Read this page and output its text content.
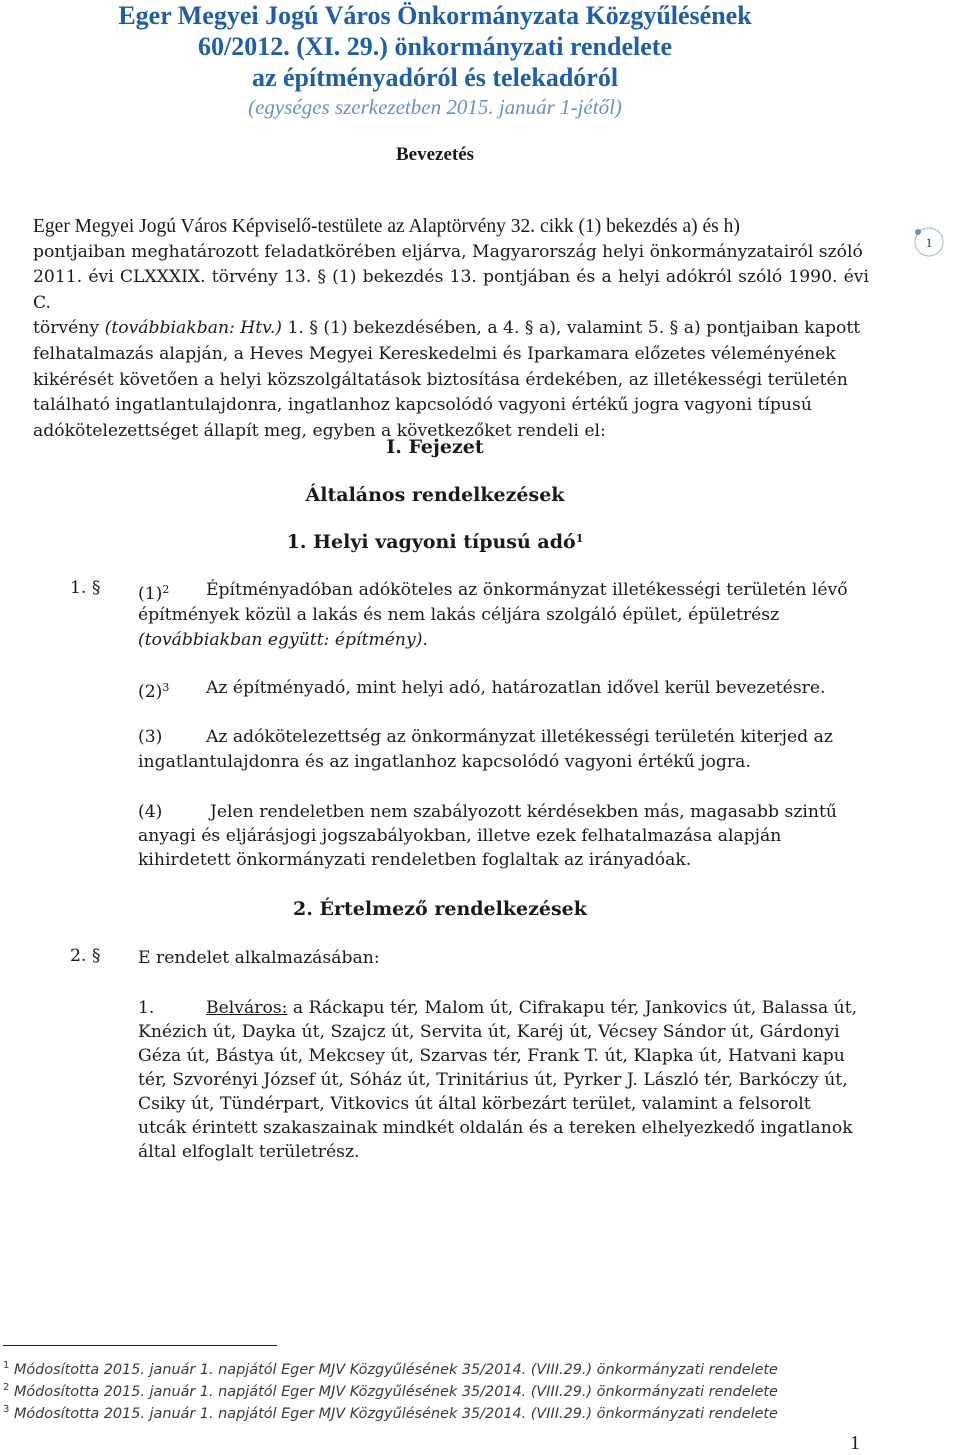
Eger Megyei Jogú Város Önkormányzata Közgyűlésének
60/2012. (XI. 29.) önkormányzati rendelete
az építményadóról és telekadóról
(egységes szerkezetben 2015. január 1-jétől)
Bevezetés
1
Eger Megyei Jogú Város Képviselő-testülete az Alaptörvény 32. cikk (1) bekezdés a) és h)
pontjaiban meghatározott feladatkörében eljárva, Magyarország helyi önkormányzatairól szóló
2011. évi CLXXXIX. törvény 13. § (1) bekezdés 13. pontjában és a helyi adókról szóló 1990. évi C.
törvény (továbbiakban: Htv.) 1. § (1) bekezdésében, a 4. § a), valamint 5. § a) pontjaiban kapott
felhatalmazás alapján, a Heves Megyei Kereskedelmi és Iparkamara előzetes véleményének
kikérését követően a helyi közszolgáltatások biztosítása érdekében, az illetékességi területén
található ingatlantulajdonra, ingatlanhoz kapcsolódó vagyoni értékű jogra vagyoni típusú
adókötelezettséget állapít meg, egyben a következőket rendeli el:
I. Fejezet
Általános rendelkezések
1. Helyi vagyoni típusú adó$^1$
1. § $(1)^2$ Építményadóban adóköteles az önkormányzat illetékességi területén lévő
építmények közül a lakás és nem lakás céljára szolgáló épület, épületrész
(továbbiakban együtt: építmény).
$(2)^3$ Az építményadó, mint helyi adó, határozatlan idővel kerül bevezetésre.
(3)	Az adókötelezettség az önkormányzat illetékességi területén kiterjed az
ingatlantulajdonra és az ingatlanhoz kapcsolódó vagyoni értékű jogra.
(4)	Jelen rendeletben nem szabályozott kérdésekben más, magasabb szintű
anyagi és eljárásjogi jogszabályokban, illetve ezek felhatalmazása alapján
kihirdetett önkormányzati rendeletben foglaltak az irányadóak.
2. Értelmező rendelkezések
2. § E rendelet alkalmazásában:
1.	Belváros: a Ráckapu tér, Malom út, Cifrakapu tér, Jankovics út, Balassa út,
Knézich út, Dayka út, Szajcz út, Servita út, Karéj út, Vécsey Sándor út, Gárdonyi
Géza út, Bástya út, Mekcsey út, Szarvas tér, Frank T. út, Klapka út, Hatvani kapu
tér, Szvorényi József út, Sóház út, Trinitárius út, Pyrker J. László tér, Barkóczy út,
Csiky út, Tündérpart, Vitkovics út által körbezárt terület, valamint a felsorolt
utcák érintett szakaszainak mindkét oldalán és a tereken elhelyezkedő ingatlanok
által elfoglalt területrész.
$^1$ Módosította 2015. január 1. napjától Eger MJV Közgyűlésének 35/2014. (VIII.29.) önkormányzati rendelete
$^2$ Módosította 2015. január 1. napjától Eger MJV Közgyűlésének 35/2014. (VIII.29.) önkormányzati rendelete
$^3$ Módosította 2015. január 1. napjától Eger MJV Közgyűlésének 35/2014. (VIII.29.) önkormányzati rendelete
1
